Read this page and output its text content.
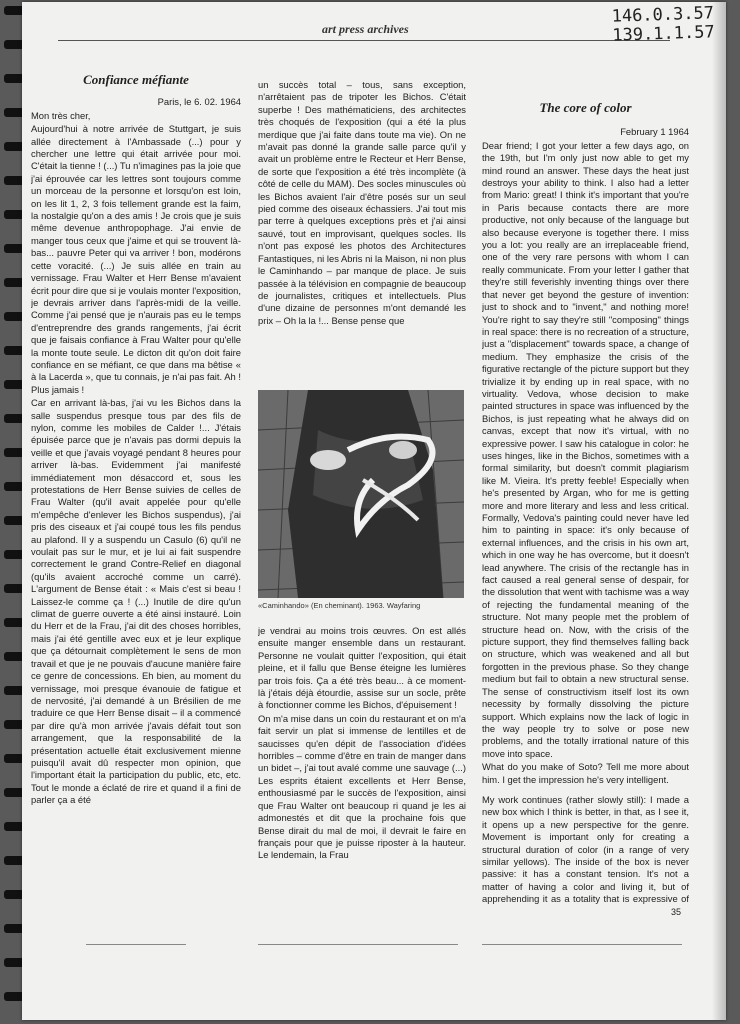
art press archives
146.0.3.57
139.1.1.57

Confiance méfiante

Paris, le 6. 02. 1964

Mon très cher,

Aujourd'hui à notre arrivée de Stuttgart, je suis allée directement à l'Ambassade (...) pour y chercher une lettre qui était arrivée pour moi. C'était la tienne ! (...) Tu n'imagines pas la joie que j'ai éprouvée car les lettres sont toujours comme un morceau de la personne et lorsqu'on est loin, on les lit 1, 2, 3 fois tellement grande est la faim, la nostalgie qu'on a des amis ! Je crois que je suis même devenue anthropophage. J'ai envie de manger tous ceux que j'aime et qui se trouvent là-bas... pauvre Peter qui va arriver ! bon, modérons cette voracité. (...) Je suis allée en train au vernissage. Frau Walter et Herr Bense m'avaient écrit pour dire que si je voulais monter l'exposition, je devrais arriver dans l'après-midi de la veille. Comme j'ai pensé que je n'aurais pas eu le temps d'entreprendre des grands rangements, j'ai écrit que je faisais confiance à Frau Walter pour qu'elle la monte toute seule. Le dicton dit qu'on doit faire confiance en se méfiant, ce que dans ma bêtise « à la Lacerda », que tu connais, je n'ai pas fait. Ah ! Plus jamais !

Car en arrivant là-bas, j'ai vu les Bichos dans la salle suspendus presque tous par des fils de nylon, comme les mobiles de Calder !... J'étais épuisée parce que je n'avais pas dormi depuis la veille et que j'avais voyagé pendant 8 heures pour arriver là-bas. Evidemment j'ai manifesté immédiatement mon désaccord et, sous les protestations de Herr Bense suivies de celles de Frau Walter (qu'il avait appelée pour qu'elle m'empêche d'enlever les Bichos suspendus), j'ai pris des ciseaux et j'ai coupé tous les fils pendus au plafond. Il y a suspendu un Casulo (6) qu'il ne voulait pas sur le mur, et je lui ai fait suspendre correctement le grand Contre-Relief en diagonal (qu'ils avaient accroché comme un carré). L'argument de Bense était : « Mais c'est si beau ! Laissez-le comme ça ! (...) Inutile de dire qu'un climat de guerre ouverte a été ainsi instauré. Loin du Herr et de la Frau, j'ai dit des choses horribles, mais j'ai été gentille avec eux et je leur explique que ça détournait complètement le sens de mon travail et que je ne pouvais d'aucune manière faire ce genre de concessions. Eh bien, au moment du vernissage, moi presque évanouie de fatigue et de nervosité, j'ai demandé à un Brésilien de me traduire ce que Herr Bense disait – il a commencé par dire qu'à mon arrivée j'avais défait tout son arrangement, que la responsabilité de la présentation actuelle était exclusivement mienne puisqu'il avait dû respecter mon opinion, que l'important était la participation du public, etc, etc. Tout le monde a éclaté de rire et quand il a fini de parler ça a été

un succès total – tous, sans exception, n'arrêtaient pas de tripoter les Bichos. C'était superbe ! Des mathématiciens, des architectes très choqués de l'exposition (qui a été la plus merdique que j'ai faite dans toute ma vie). On ne m'avait pas donné la grande salle parce qu'il y avait un problème entre le Recteur et Herr Bense, de sorte que l'exposition a été très incomplète (à côté de celle du MAM). Des socles minuscules où les Bichos avaient l'air d'être posés sur un seul pied comme des oiseaux échassiers. J'ai tout mis par terre à quelques exceptions près et j'ai ainsi sauvé, tout en improvisant, quelques socles. Ils n'ont pas exposé les photos des Architectures Fantastiques, ni les Abris ni la Maison, ni non plus le Caminhando – par manque de place. Je suis passée à la télévision en compagnie de beaucoup de journalistes, critiques et intellectuels. Plus d'une dizaine de personnes m'ont demandé les prix – Oh la la !... Bense pense que

«Caminhando» (En cheminant). 1963. Wayfaring

je vendrai au moins trois œuvres. On est allés ensuite manger ensemble dans un restaurant. Personne ne voulait quitter l'exposition, qui était pleine, et il fallu que Bense éteigne les lumières par trois fois. Ça a été très beau... à ce moment-là j'étais déjà étourdie, assise sur un socle, prête à fonctionner comme les Bichos, d'épuisement !

On m'a mise dans un coin du restaurant et on m'a fait servir un plat si immense de lentilles et de saucisses qu'en dépit de l'association d'idées horribles – comme d'être en train de manger dans un bidet –, j'ai tout avalé comme une sauvage (...) Les esprits étaient excellents et Herr Bense, enthousiasmé par le succès de l'exposition, ainsi que Frau Walter ont beaucoup ri quand je les ai admonestés et dit que la prochaine fois que Bense dirait du mal de moi, il devrait le faire en français pour que je puisse riposter à la hauteur. Le lendemain, la Frau

The core of color

February 1 1964

Dear friend; I got your letter a few days ago, on the 19th, but I'm only just now able to get my mind round an answer. These days the heat just destroys your ability to think. I also had a letter from Mario: great! I think it's important that you're in Paris because contacts there are more productive, not only because of the language but also because everyone is together there. I miss you a lot: you really are an irreplaceable friend, one of the very rare persons with whom I can really communicate. From your letter I gather that they're still feverishly inventing things over there that never get beyond the gesture of invention: just to shock and to "invent," and nothing more! You're right to say they're still "composing" things in real space: there is no recreation of a structure, just a "displacement" towards space, a change of medium. They emphasize the crisis of the figurative rectangle of the picture support but they trivialize it by ending up in real space, with no virtuality. Vedova, whose decision to make painted structures in space was influenced by the Bichos, is just repeating what he always did on canvas, except that now it's virtual, with no expressive power. I saw his catalogue in color: he uses hinges, like in the Bichos, sometimes with a formal similarity, but doesn't commit plagiarism like M. Vieira. It's pretty feeble! Especially when he's presented by Argan, who for me is getting more and more literary and less and less critical. Formally, Vedova's painting could never have led him to painting in space: it's only because of external influences, and the crisis in his own art, which in one way he has overcome, but it doesn't lead anywhere. The crisis of the rectangle has in fact caused a real general sense of despair, for the dissolution that went with tachisme was a way of rejecting the fundamental meaning of the structure. Not many people met the problem of structure head on. Now, with the crisis of the picture support, they find themselves falling back on structure, which was weakened and all but forgotten in the previous phase. So they change medium but fail to obtain a new structural sense. The sense of constructivism itself lost its own necessity by formally dissolving the picture support. Which explains now the lack of logic in the way people try to solve or pose new problems, and the totally irrational nature of this move into space.

What do you make of Soto? Tell me more about him. I get the impression he's very intelligent.

My work continues (rather slowly still): I made a new box which I think is better, in that, as I see it, it opens up a new perspective for the genre. Movement is important only for creating a structural duration of color (in a range of very similar yellows). The inside of the box is never passive: it has a constant tension. It's not a matter of having a color and living it, but of apprehending it as a totality that is expressive of

35
